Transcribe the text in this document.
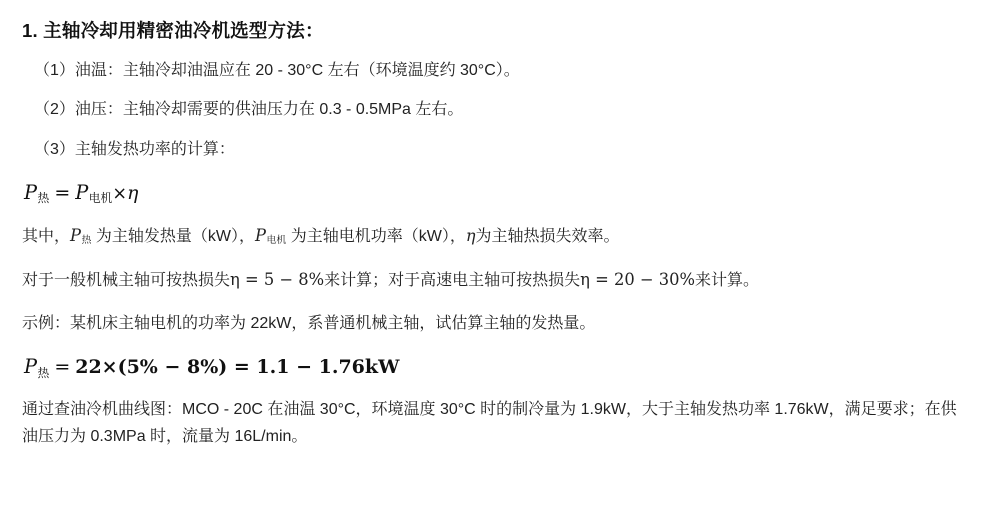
1. 主轴冷却用精密油冷机选型方法：
（1）油温：主轴冷却油温应在 20 - 30°C 左右（环境温度约 30°C）。
（2）油压：主轴冷却需要的供油压力在 0.3 - 0.5MPa 左右。
（3）主轴发热功率的计算：
$P_热 = P_{电机}\times\eta$
其中，$P_热$ 为主轴发热量（kW），$P_{电机}$ 为主轴电机功率（kW），η为主轴热损失效率。
对于一般机械主轴可按热损失η = 5 − 8%来计算；对于高速电主轴可按热损失η = 20 − 30%来计算。
示例：某机床主轴电机的功率为 22kW，系普通机械主轴，试估算主轴的发热量。
$P_热 = 22\times(5\% - 8\%) = 1.1 - 1.76kW$
通过查油冷机曲线图：MCO - 20C 在油温 30°C，环境温度 30°C 时的制冷量为 1.9kW，大于主轴发热功率 1.76kW，满足要求；在供油压力为 0.3MPa 时，流量为 16L/min。
